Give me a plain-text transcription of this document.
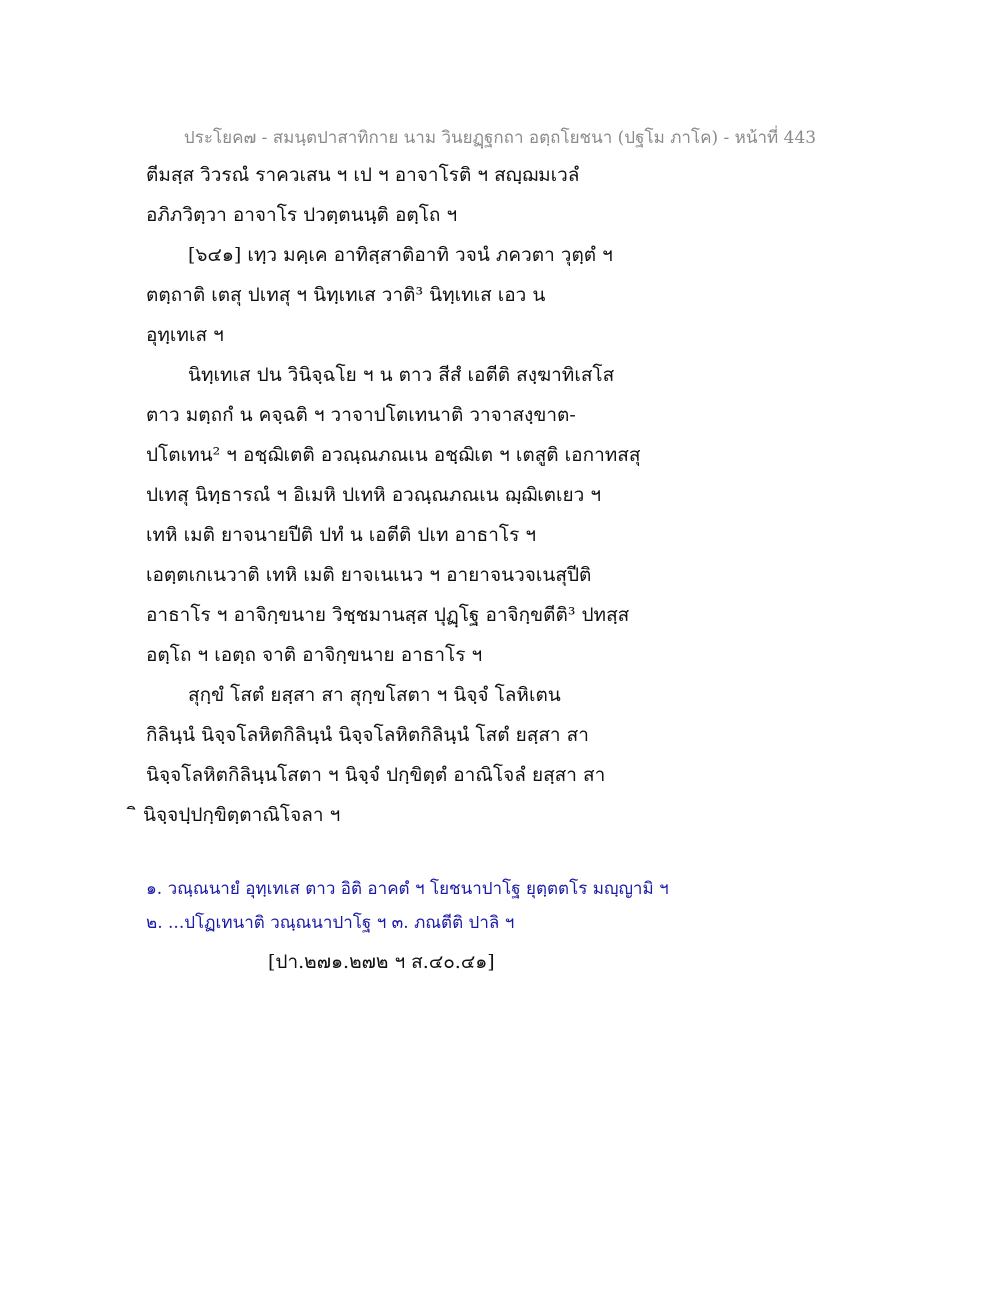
ประโยค๗ - สมนฺตปาสาทิกาย นาม วินยฏฺฐกถา อตฺถโยชนา (ปฐโม ภาโค) - หน้าที่ 443
ตีมสฺส วิวรณํ ราควเสน ฯ เป ฯ อาจาโรติ ฯ สญฺฌมเวลํ
อภิภวิตฺวา อาจาโร ปวตฺตนนฺติ อตฺโถ ฯ
[๖๔๑] เทฺว มคฺเค อาทิสฺสาติอาทิ วจนํ ภควตา วุตฺตํ ฯ
ตตฺถาติ เตสุ ปเทสุ ฯ นิทฺเทเส วาติ³ นิทฺเทเส เอว น
อุทฺเทเส ฯ
นิทฺเทเส ปน วินิจฺฉโย ฯ น ตาว สีสํ เอตีติ สงฺฆาทิเสโส
ตาว มตฺถกํ น คจฺฉติ ฯ วาจาปโตเทนาติ วาจาสงฺขาต-
ปโตเทน² ฯ อชฺฌิเตติ อวณฺณภณเน อชฺฌิเต ฯ เตสูติ เอกาทสสุ
ปเทสุ นิทฺธารณํ ฯ อิเมหิ ปเทหิ อวณฺณภณเน ฌฺฌิเตเยว ฯ
เทหิ เมติ ยาจนายปีติ ปทํ น เอตีติ ปเท อาธาโร ฯ
เอตฺตเกเนวาติ เทหิ เมติ ยาจเนเนว ฯ อายาจนวจเนสุปีติ
อาธาโร ฯ อาจิกฺขนาย วิชฺชมานสฺส ปุฏฺโฐ อาจิกฺขตีติ³ ปทสฺส
อตฺโถ ฯ เอตฺถ จาติ อาจิกฺขนาย อาธาโร ฯ
สุกฺขํ โสตํ ยสฺสา สา สุกฺขโสตา ฯ นิจฺจํ โลหิเตน
กิลินฺนํ นิจฺจโลหิตกิลินฺนํ นิจฺจโลหิตกิลินฺนํ โสตํ ยสฺสา สา
นิจฺจโลหิตกิลินฺนโสตา ฯ นิจฺจํ ปกฺขิตฺตํ อาณิโจลํ ยสฺสา สา
ิ นิจฺจปฺปกฺขิตฺตาณิโจลา ฯ
๑. วณฺณนายํ อุทฺเทเส ตาว อิติ อาคตํ ฯ โยชนาปาโฐ ยุตฺตตโร มญฺญามิ ฯ
๒. ...ปโฏเทนาติ วณฺณนาปาโฐ ฯ ๓. ภณตีติ ปาลิ ฯ
[ปา.๒๗๑.๒๗๒ ฯ ส.๔๐.๔๑]
